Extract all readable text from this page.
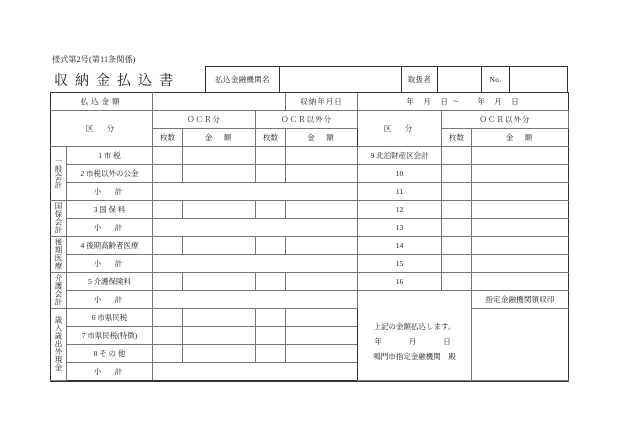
様式第2号(第11条関係)
収納金払込書	払込金融機関名	取扱者	No.
払込金額					収納年月日	年　月　日 〜　　年　月　日		
区　分		ＯＣＲ分		ＯＣＲ以外分		区　分	ＯＣＲ以外分	
		枚数	金　額	枚数	金　額		枚数	金　額
一般会計	1 市 税					9 北泊財産区会計		
	2 市税以外の公金					10		
	小　計					11		
国保会計	3 国 保 料					12		
	小　計					13		
後期医療	4 後期高齢者医療					14		
	小　計					15		
介護会計	5 介護保険料					16		
	小　計					上記の金額払込します。
年　　月　　日
鳴門市指定金融機関　殿		指定金融機関領収印
歳入歳出外現金	6 市県民税							
	7 市県民税(特徴)							
	8 そ の 他							
	小　計							
